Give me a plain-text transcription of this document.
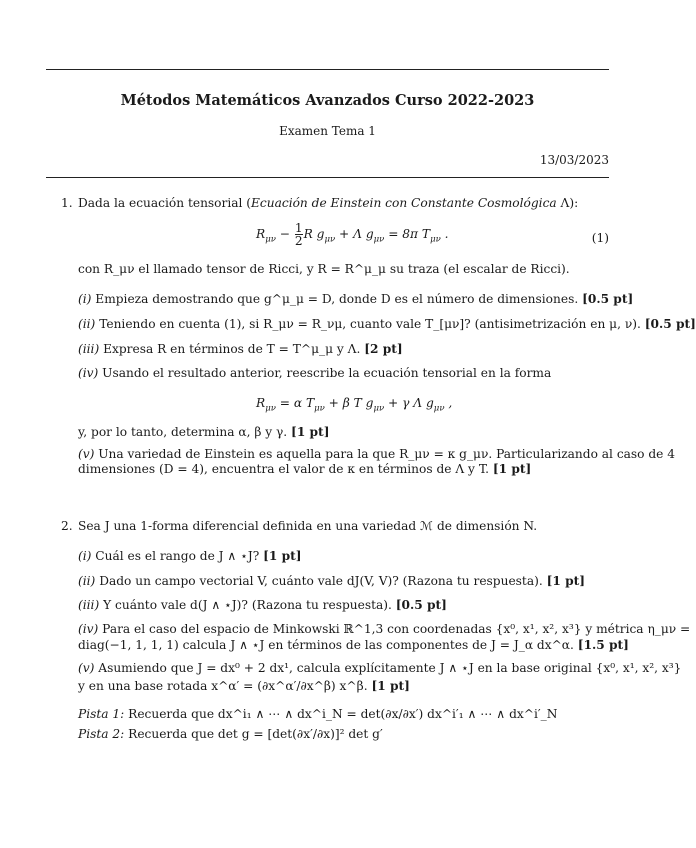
Métodos Matemáticos Avanzados Curso 2022-2023
Examen Tema 1
13/03/2023
1. Dada la ecuación tensorial (Ecuación de Einstein con Constante Cosmológica Λ):
$R_{\mu\nu} - \frac{1}{2}$ R $g_{\mu\nu} + \Lambda$ $g_{\mu\nu} = 8\pi$ $T_{\mu\nu}$ .	(1)
con R_μν el llamado tensor de Ricci, y R = R^μ_μ su traza (el escalar de Ricci).
(i) Empieza demostrando que g^μ_μ = D, donde D es el número de dimensiones. [0.5 pt]
(ii) Teniendo en cuenta (1), si R_μν = R_νμ, cuanto vale T_[μν]? (antisimetrización en μ, ν). [0.5 pt]
(iii) Expresa R en términos de T = T^μ_μ y Λ. [2 pt]
(iv) Usando el resultado anterior, reescribe la ecuación tensorial en la forma
$R_{\mu\nu} = \alpha$ $T_{\mu\nu} + \beta$ T $g_{\mu\nu} + \gamma$ Λ $g_{\mu\nu}$ ,
y, por lo tanto, determina α, β y γ. [1 pt]
(v) Una variedad de Einstein es aquella para la que R_μν = κ g_μν. Particularizando al caso de 4
dimensiones (D = 4), encuentra el valor de κ en términos de Λ y T. [1 pt]
2. Sea J una 1-forma diferencial definida en una variedad ℳ de dimensión N.
(i) Cuál es el rango de J ∧ ⋆J? [1 pt]
(ii) Dado un campo vectorial V, cuánto vale dJ(V, V)? (Razona tu respuesta). [1 pt]
(iii) Y cuánto vale d(J ∧ ⋆J)? (Razona tu respuesta). [0.5 pt]
(iv) Para el caso del espacio de Minkowski ℝ^1,3 con coordenadas {x⁰, x¹, x², x³} y métrica η_μν =
diag(−1, 1, 1, 1) calcula J ∧ ⋆J en términos de las componentes de J = J_α dx^α. [1.5 pt]
(v) Asumiendo que J = dx⁰ + 2 dx¹, calcula explícitamente J ∧ ⋆J en la base original {x⁰, x¹, x², x³}
y en una base rotada x^α′ = (∂x^α′/∂x^β) x^β. [1 pt]
Pista 1: Recuerda que dx^i₁ ∧ ⋯ ∧ dx^i_N = det(∂x/∂x′) dx^i′₁ ∧ ⋯ ∧ dx^i′_N
Pista 2: Recuerda que det g = [det(∂x′/∂x)]² det g′
